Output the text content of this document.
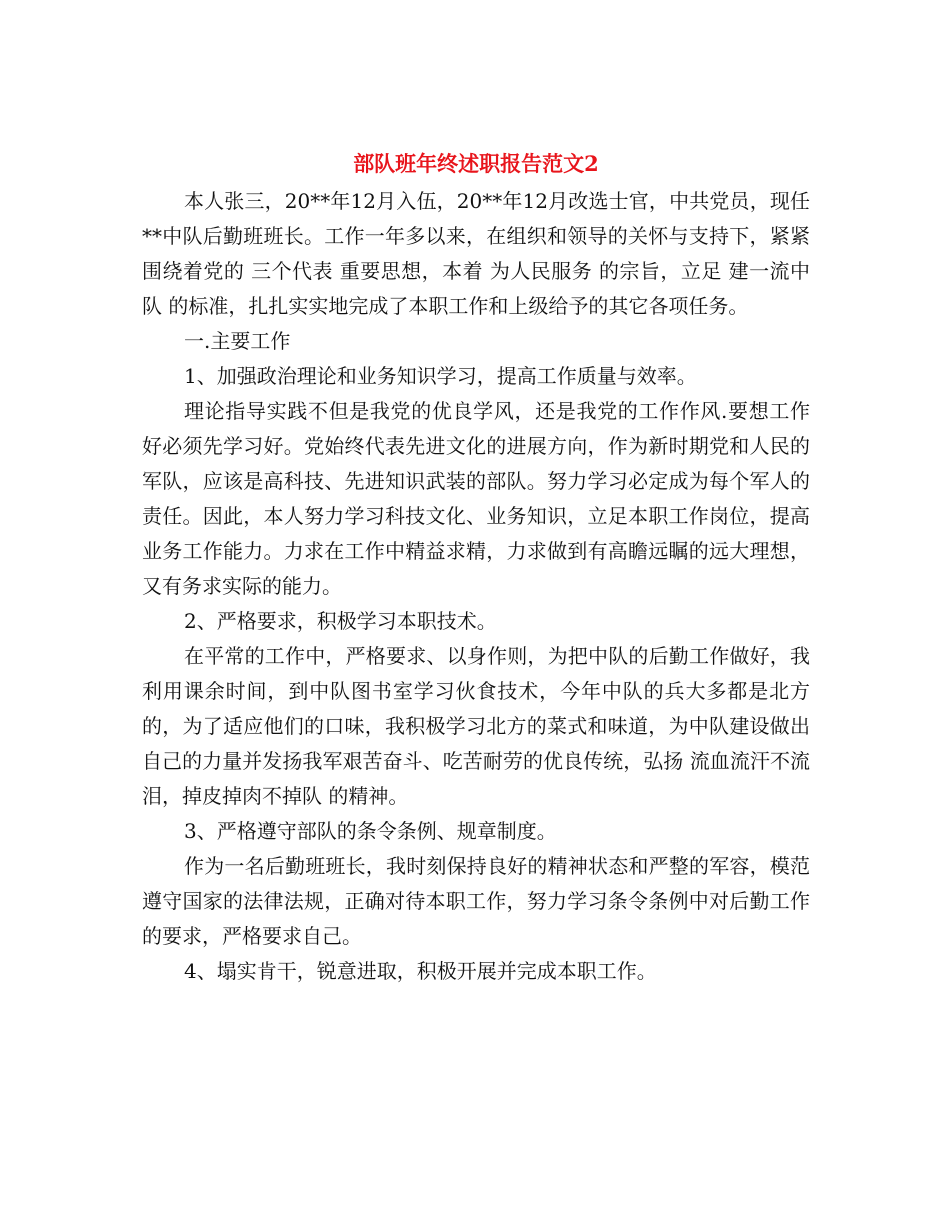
部队班年终述职报告范文2

本人张三，20**年12月入伍，20**年12月改选士官，中共党员，现任**中队后勤班班长。工作一年多以来，在组织和领导的关怀与支持下，紧紧围绕着党的 三个代表 重要思想，本着 为人民服务 的宗旨，立足 建一流中队 的标准，扎扎实实地完成了本职工作和上级给予的其它各项任务。

一.主要工作

1、加强政治理论和业务知识学习，提高工作质量与效率。

理论指导实践不但是我党的优良学风，还是我党的工作作风.要想工作好必须先学习好。党始终代表先进文化的进展方向，作为新时期党和人民的军队，应该是高科技、先进知识武装的部队。努力学习必定成为每个军人的责任。因此，本人努力学习科技文化、业务知识，立足本职工作岗位，提高业务工作能力。力求在工作中精益求精，力求做到有高瞻远瞩的远大理想，又有务求实际的能力。

2、严格要求，积极学习本职技术。

在平常的工作中，严格要求、以身作则，为把中队的后勤工作做好，我利用课余时间，到中队图书室学习伙食技术，今年中队的兵大多都是北方的，为了适应他们的口味，我积极学习北方的菜式和味道，为中队建设做出自己的力量并发扬我军艰苦奋斗、吃苦耐劳的优良传统，弘扬 流血流汗不流泪，掉皮掉肉不掉队 的精神。

3、严格遵守部队的条令条例、规章制度。

作为一名后勤班班长，我时刻保持良好的精神状态和严整的军容，模范遵守国家的法律法规，正确对待本职工作，努力学习条令条例中对后勤工作的要求，严格要求自己。

4、塌实肯干，锐意进取，积极开展并完成本职工作。
